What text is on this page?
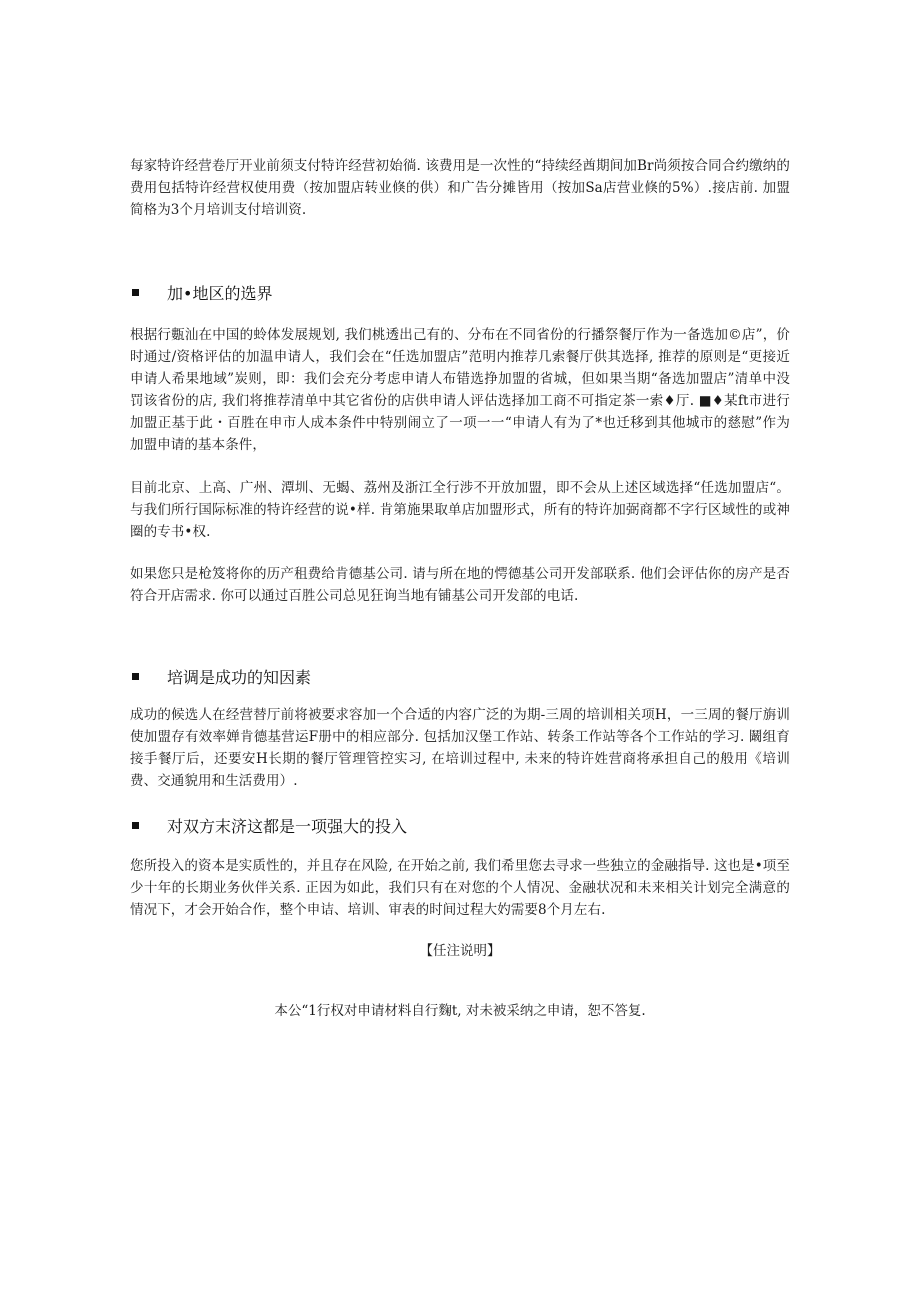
每家特许经营卷厅开业前须支付特许经营初始徜. 该费用是一次性的“持续经酋期间加Br尚须按合同合约缴纳的费用包括特许经营权使用费（按加盟店转业倏的供）和广告分摊皆用（按加Sa店营业倏的5%）.接店前. 加盟简格为3个月培训支付培训资.

加•地区的选界

根据行甊汕在中国的蛉体发展规划, 我们桃透出己有的、分布在不同省份的行播祭餐厅作为一备选加©店”，价时通过/资格评估的加温申请人，我们会在“任选加盟店”范明内推荐几索餐厅供其选择, 推荐的原则是“更接近申请人希果地域”炭则，即：我们会充分考虑申请人布错选挣加盟的省城，但如果当期“备选加盟店”清单中没罚该省份的店, 我们将推荐清单中其它省份的店供申请人评估选择加工商不可指定茶一索♦厅. ■♦某ft市进行加盟正基于此・百胜在申市人成本条件中特别闹立了一项一一“申请人有为了*也迁移到其他城市的慈慰”作为加盟申请的基本条件，

目前北京、上高、广州、潭圳、无蝎、荔州及浙江全行涉不开放加盟，即不会从上述区域选择“任选加盟店“。与我们所行国际标准的特许经营的说•样. 肯第施果取单店加盟形式，所有的特许加弼商都不字行区域性的或神圈的专书•权.

如果您只是枪笈将你的历产租费给肯德基公司. 请与所在地的愕德基公司开发部联系. 他们会评估你的房产是否符合开店需求. 你可以通过百胜公司总见狂询当地有铺基公司开发部的电话.

培调是成功的知因素

成功的候选人在经营替厅前将被要求容加一个合适的内容广泛的为期-三周的培训相关项H，一三周的餐厅旃训使加盟存有效率婵肯德基营运F册中的相应部分. 包括加汉堡工作站、转条工作站等各个工作站的学习. 鬫组育接手餐厅后，还要安H长期的餐厅管理管控实习, 在培训过程中, 未来的特许姓营商将承担自己的般用《培训费、交通貌用和生活费用）.

对双方末济这都是一项强大的投入

您所投入的资本是实质性的，并且存在风险, 在开始之前, 我们希里您去寻求一些独立的金融指导. 这也是•项至少十年的长期业务伙伴关系. 正因为如此，我们只有在对您的个人情况、金融状况和未来相关计划完全满意的情况下，才会开始合作，整个申诘、培训、审表的时间过程大妁需要8个月左右.

【任注说明】

本公“1行权对申请材料自行麴t, 对未被采纳之申请，恕不答复.
